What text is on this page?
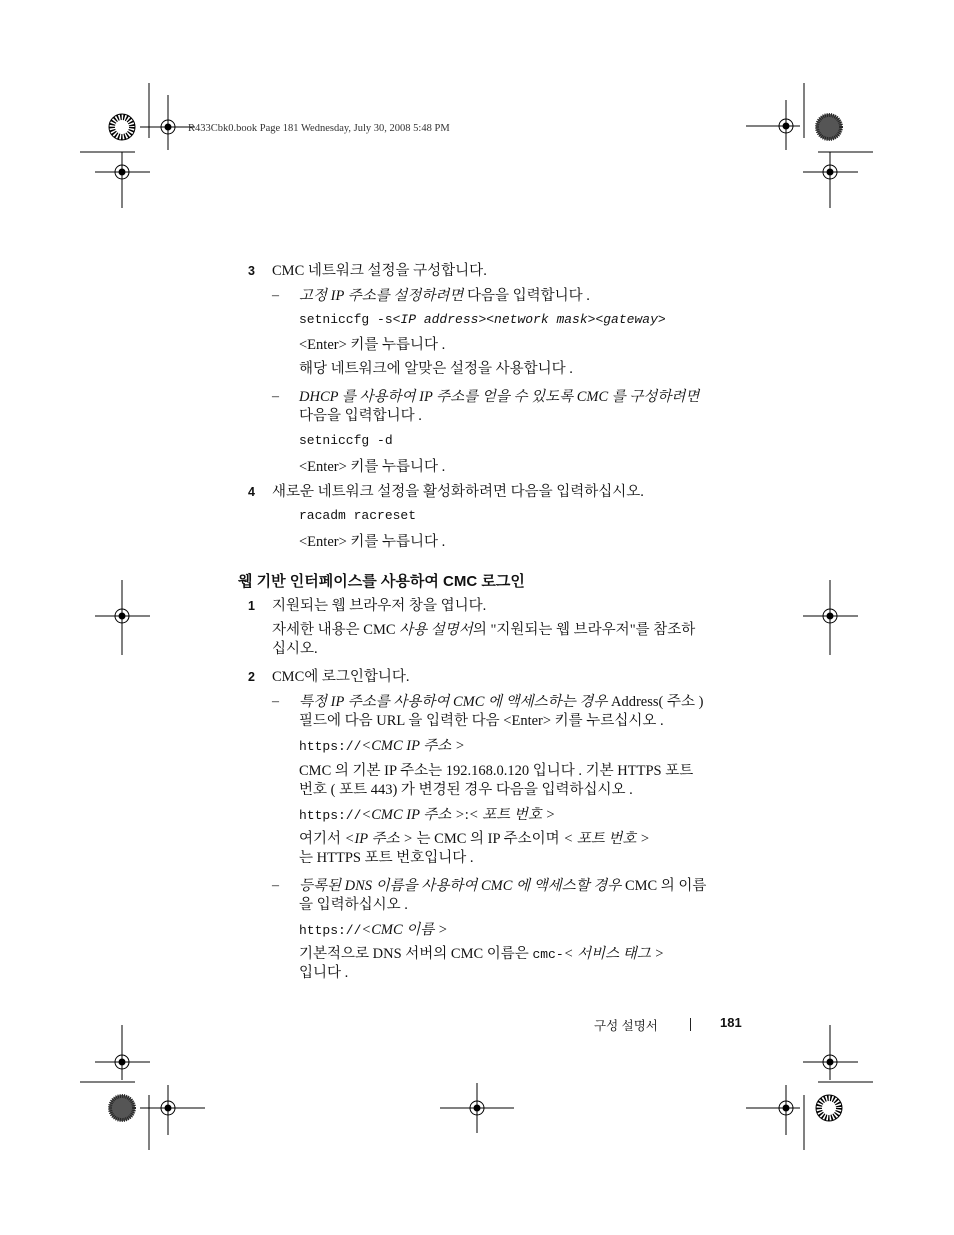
R433Cbk0.book Page 181 Wednesday, July 30, 2008 5:48 PM
3 CMC 네트워크 설정을 구성합니다.
– 고정 IP 주소를 설정하려면 다음을 입력합니다 .
setniccfg -s<IP address><network mask><gateway>
<Enter> 키를 누릅니다 .
해당 네트워크에 알맞은 설정을 사용합니다 .
– DHCP 를 사용하여 IP 주소를 얻을 수 있도록 CMC 를 구성하려면
다음을 입력합니다 .
setniccfg -d
<Enter> 키를 누릅니다 .
4 새로운 네트워크 설정을 활성화하려면 다음을 입력하십시오.
racadm racreset
<Enter> 키를 누릅니다 .
웹 기반 인터페이스를 사용하여 CMC 로그인
1 지원되는 웹 브라우저 창을 엽니다.
자세한 내용은 CMC 사용 설명서의 "지원되는 웹 브라우저"를 참조하
십시오.
2 CMC에 로그인합니다.
– 특정 IP 주소를 사용하여 CMC 에 액세스하는 경우 Address( 주소 )
필드에 다음 URL 을 입력한 다음 <Enter> 키를 누르십시오 .
https://<CMC IP 주소 >
CMC 의 기본 IP 주소는 192.168.0.120 입니다 . 기본 HTTPS 포트
번호 ( 포트 443) 가 변경된 경우 다음을 입력하십시오 .
https://<CMC IP 주소 >:< 포트 번호 >
여기서 <IP 주소 > 는 CMC 의 IP 주소이며 < 포트 번호 >
는 HTTPS 포트 번호입니다 .
– 등록된 DNS 이름을 사용하여 CMC 에 액세스할 경우 CMC 의 이름
을 입력하십시오 .
https://<CMC 이름 >
기본적으로 DNS 서버의 CMC 이름은 cmc-< 서비스 태그 >
입니다 .
구성 설명서	181
